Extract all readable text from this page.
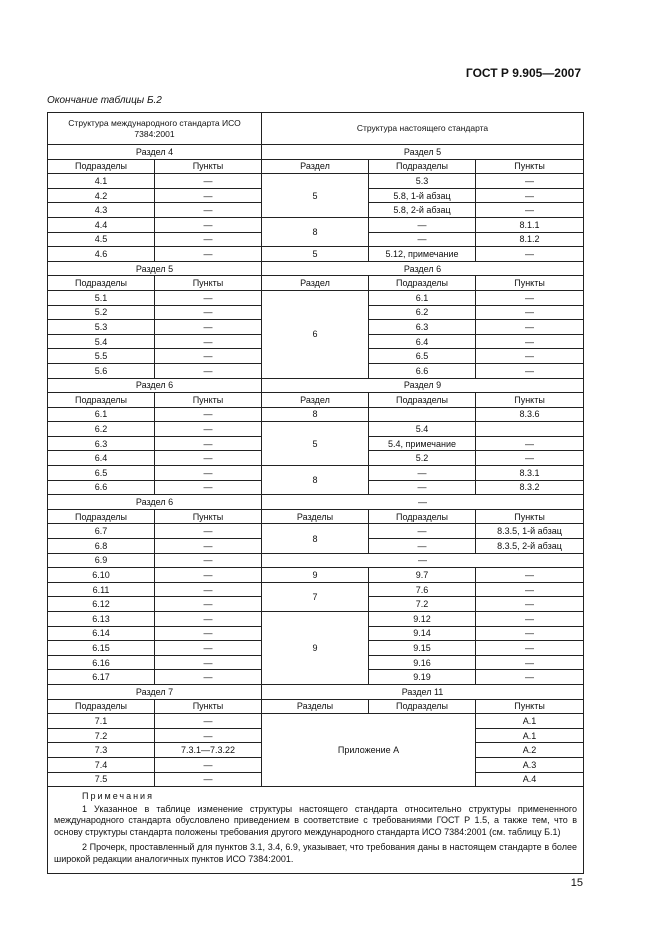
ГОСТ Р 9.905—2007
Окончание таблицы Б.2
Структура международного стандарта ИСО 7384:2001		Структура настоящего стандарта		
Раздел 4		Раздел 5		
Подразделы	Пункты	Раздел	Подразделы	Пункты
4.1	—	5	5.3	—
4.2	—		5.8, 1-й абзац	—
4.3	—		5.8, 2-й абзац	—
4.4	—	8	—	8.1.1
4.5	—		—	8.1.2
4.6	—	5	5.12, примечание	—
Раздел 5		Раздел 6		
Подразделы	Пункты	Раздел	Подразделы	Пункты
5.1	—	6	6.1	—
5.2	—		6.2	—
5.3	—		6.3	—
5.4	—		6.4	—
5.5	—		6.5	—
5.6	—		6.6	—
Раздел 6		Раздел 9		
Подразделы	Пункты	Раздел	Подразделы	Пункты
6.1	—	8		8.3.6
6.2	—	5	5.4	
6.3	—		5.4, примечание	—
6.4	—		5.2	—
6.5	—	8	—	8.3.1
6.6	—		—	8.3.2
Раздел 6		—		
Подразделы	Пункты	Разделы	Подразделы	Пункты
6.7	—	8	—	8.3.5, 1-й абзац
6.8	—		—	8.3.5, 2-й абзац
6.9	—	—		
6.10	—	9	9.7	—
6.11	—	7	7.6	—
6.12	—		7.2	—
6.13	—	9	9.12	—
6.14	—		9.14	—
6.15	—		9.15	—
6.16	—		9.16	—
6.17	—		9.19	—
Раздел 7		Раздел 11		
Подразделы	Пункты	Разделы	Подразделы	Пункты
7.1	—	Приложение А		А.1
7.2	—			А.1
7.3	7.3.1—7.3.22			А.2
7.4	—			А.3
7.5	—			А.4

Примечания
1 Указанное в таблице изменение структуры настоящего стандарта относительно структуры примененного международного стандарта обусловлено приведением в соответствие с требованиями ГОСТ Р 1.5, а также тем, что в основу структуры стандарта положены требования другого международного стандарта ИСО 7384:2001 (см. таблицу Б.1)
2 Прочерк, проставленный для пунктов 3.1, 3.4, 6.9, указывает, что требования даны в настоящем стандарте в более широкой редакции аналогичных пунктов ИСО 7384:2001.				
15
